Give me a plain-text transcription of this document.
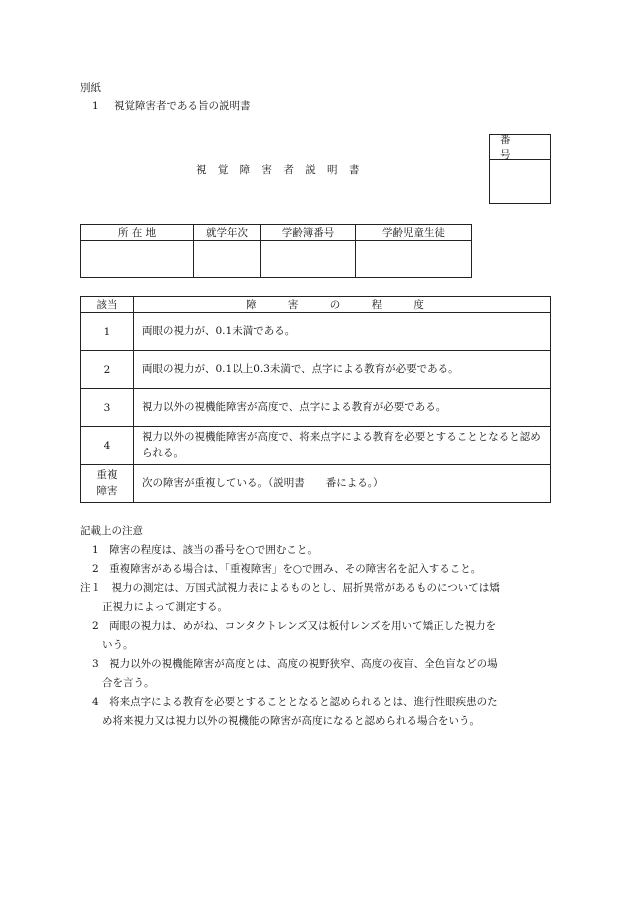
別紙
1 視覚障害者である旨の説明書
番 号
視 覚 障 害 者 説 明 書
所 在 地	就学年次	学齢簿番号	学齢児童生徒

該当	障 害 の 程 度
1	両眼の視力が、0.1未満である。
2	両眼の視力が、0.1以上0.3未満で、点字による教育が必要である。
3	視力以外の視機能障害が高度で、点字による教育が必要である。
4	視力以外の視機能障害が高度で、将来点字による教育を必要とすることとなると認められる。
重複障害	次の障害が重複している。（説明書　　番による。）
記載上の注意
1　障害の程度は、該当の番号を○で囲むこと。
2　重複障害がある場合は、「重複障害」を○で囲み、その障害名を記入すること。
注１　視力の測定は、万国式試視力表によるものとし、屈折異常があるものについては矯
正視力によって測定する。
2　両眼の視力は、めがね、コンタクトレンズ又は板付レンズを用いて矯正した視力を
いう。
3　視力以外の視機能障害が高度とは、高度の視野狭窄、高度の夜盲、全色盲などの場
合を言う。
4　将来点字による教育を必要とすることとなると認められるとは、進行性眼疾患のた
め将来視力又は視力以外の視機能の障害が高度になると認められる場合をいう。
